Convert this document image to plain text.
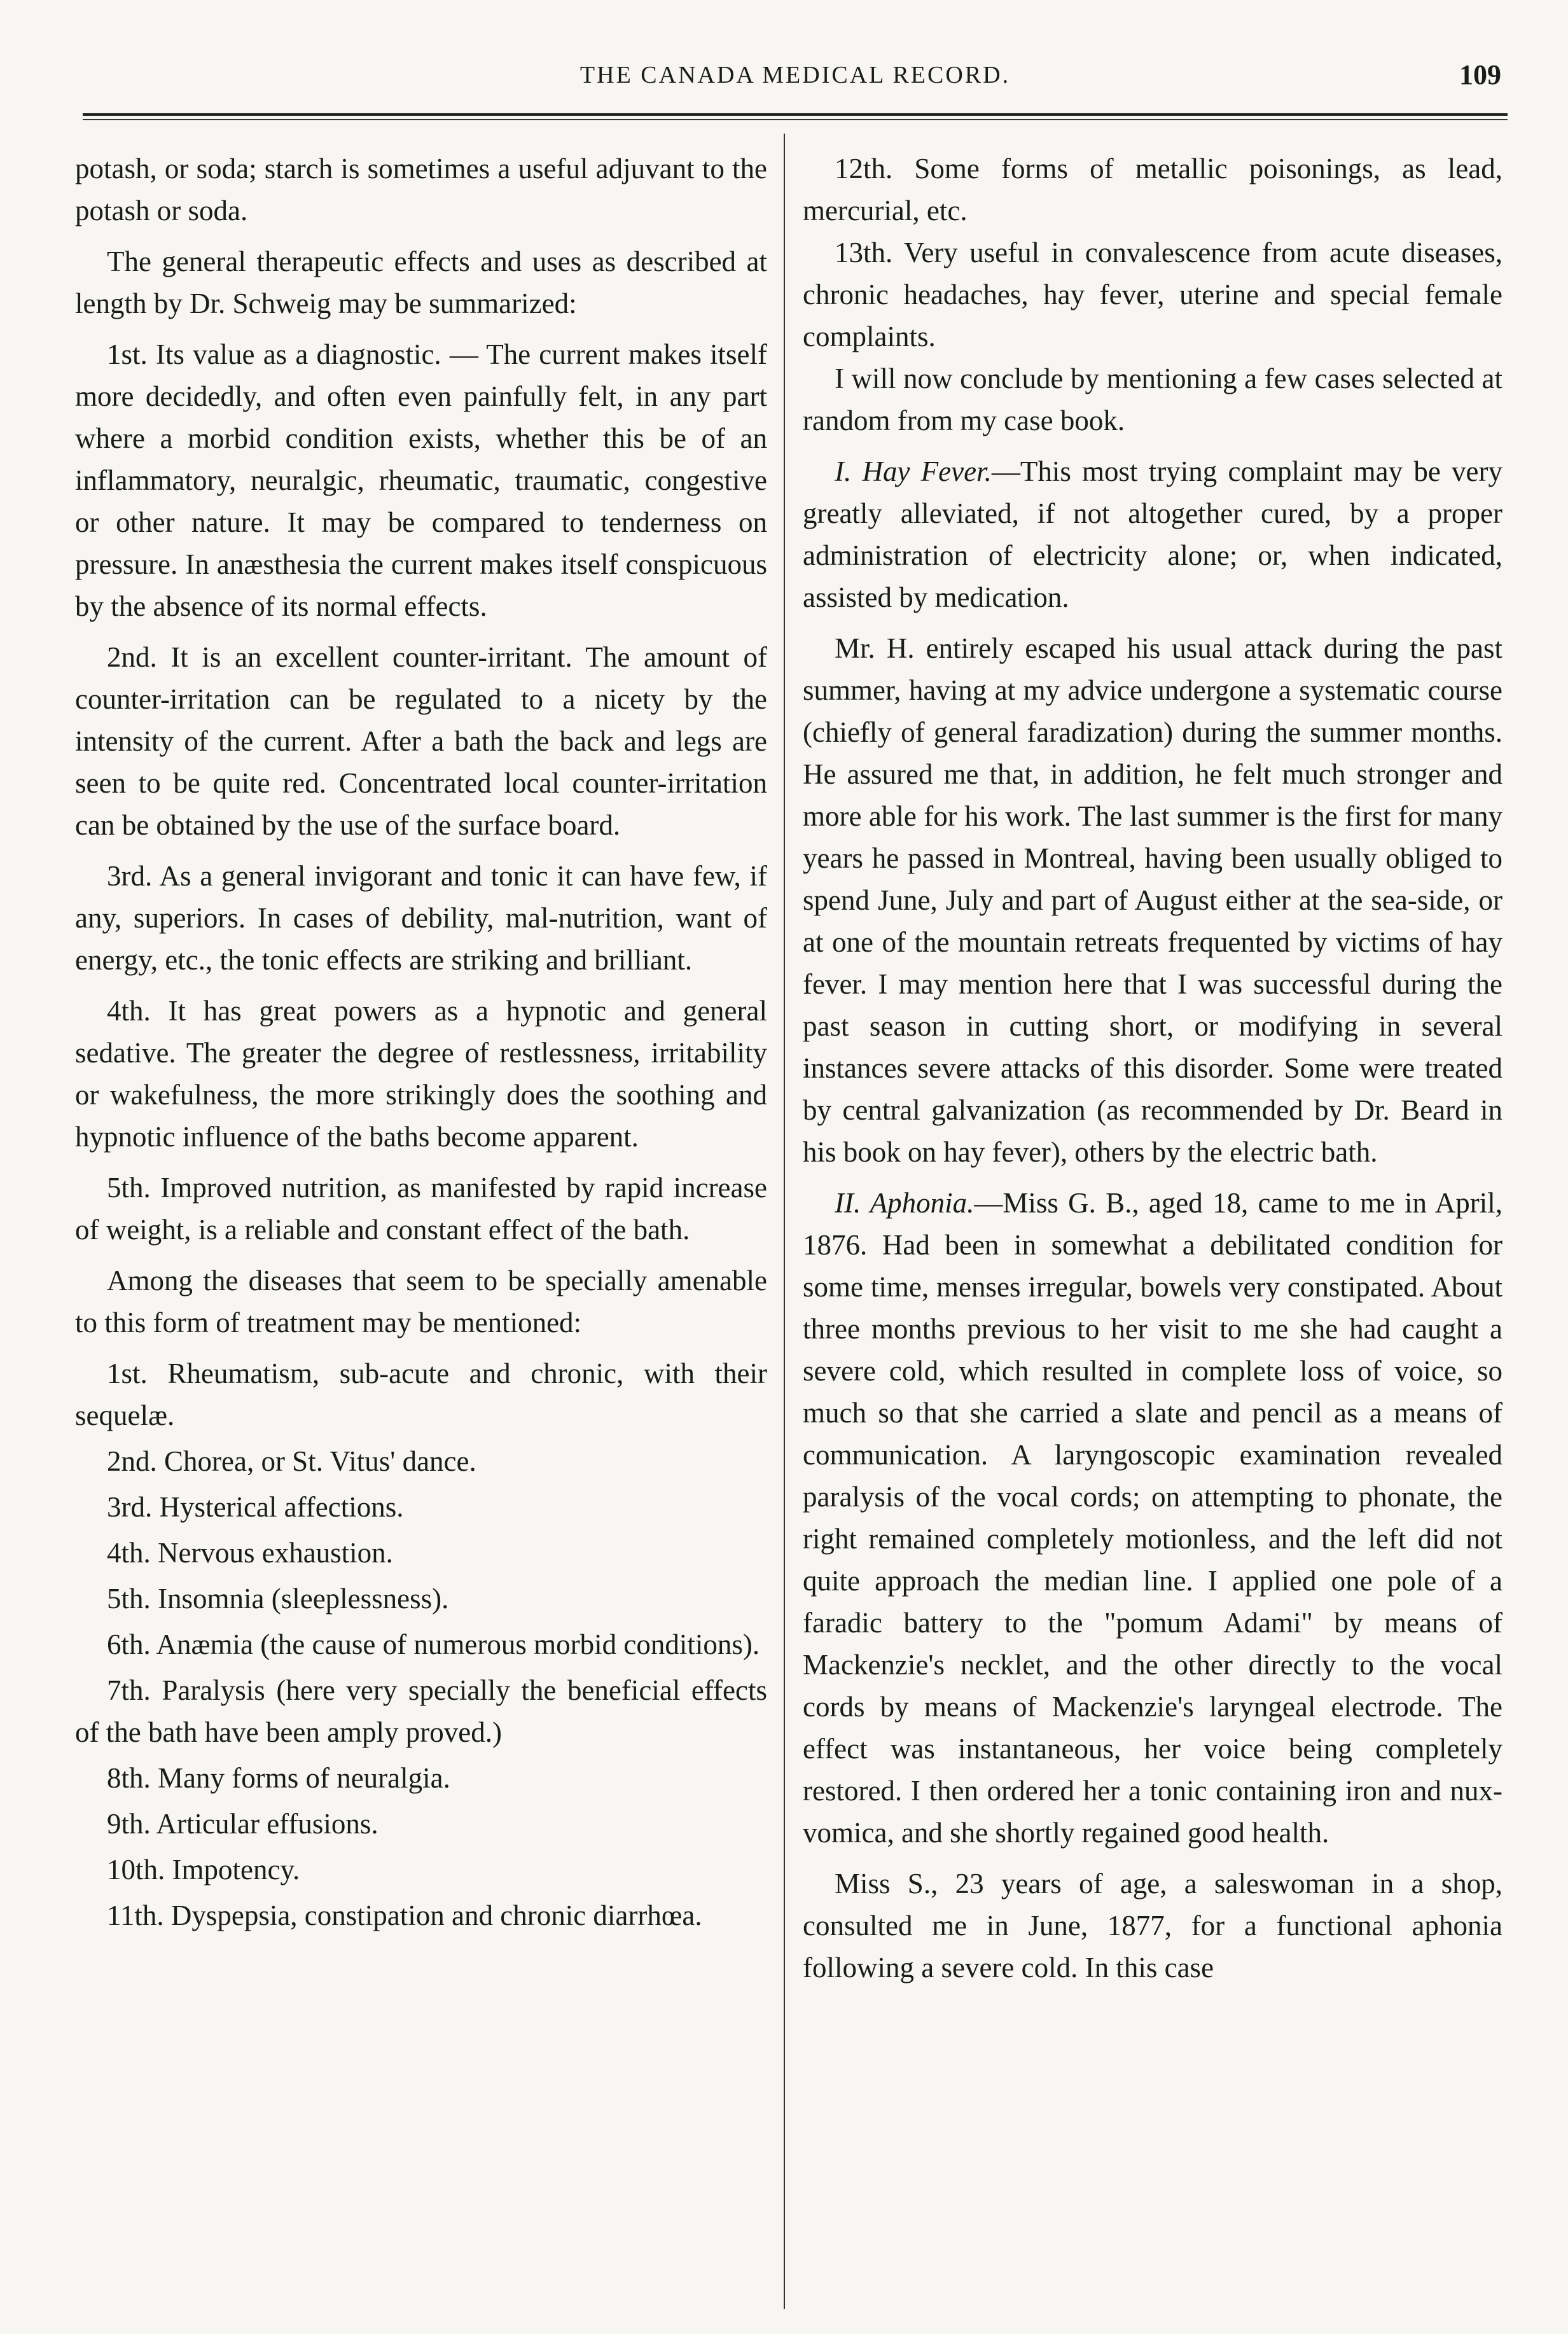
THE CANADA MEDICAL RECORD.	109

potash, or soda; starch is sometimes a useful adjuvant to the potash or soda.

The general therapeutic effects and uses as described at length by Dr. Schweig may be summarized:

1st. Its value as a diagnostic. — The current makes itself more decidedly, and often even painfully felt, in any part where a morbid condition exists, whether this be of an inflammatory, neuralgic, rheumatic, traumatic, congestive or other nature. It may be compared to tenderness on pressure. In anæsthesia the current makes itself conspicuous by the absence of its normal effects.

2nd. It is an excellent counter-irritant. The amount of counter-irritation can be regulated to a nicety by the intensity of the current. After a bath the back and legs are seen to be quite red. Concentrated local counter-irritation can be obtained by the use of the surface board.

3rd. As a general invigorant and tonic it can have few, if any, superiors. In cases of debility, mal-nutrition, want of energy, etc., the tonic effects are striking and brilliant.

4th. It has great powers as a hypnotic and general sedative. The greater the degree of restlessness, irritability or wakefulness, the more strikingly does the soothing and hypnotic influence of the baths become apparent.

5th. Improved nutrition, as manifested by rapid increase of weight, is a reliable and constant effect of the bath.

Among the diseases that seem to be specially amenable to this form of treatment may be mentioned:

1st. Rheumatism, sub-acute and chronic, with their sequelæ.

2nd. Chorea, or St. Vitus' dance.

3rd. Hysterical affections.

4th. Nervous exhaustion.

5th. Insomnia (sleeplessness).

6th. Anæmia (the cause of numerous morbid conditions).

7th. Paralysis (here very specially the beneficial effects of the bath have been amply proved.)

8th. Many forms of neuralgia.

9th. Articular effusions.

10th. Impotency.

11th. Dyspepsia, constipation and chronic diarrhœa.

12th. Some forms of metallic poisonings, as lead, mercurial, etc.

13th. Very useful in convalescence from acute diseases, chronic headaches, hay fever, uterine and special female complaints.

I will now conclude by mentioning a few cases selected at random from my case book.

I. Hay Fever.—This most trying complaint may be very greatly alleviated, if not altogether cured, by a proper administration of electricity alone; or, when indicated, assisted by medication.

Mr. H. entirely escaped his usual attack during the past summer, having at my advice undergone a systematic course (chiefly of general faradization) during the summer months. He assured me that, in addition, he felt much stronger and more able for his work. The last summer is the first for many years he passed in Montreal, having been usually obliged to spend June, July and part of August either at the sea-side, or at one of the mountain retreats frequented by victims of hay fever. I may mention here that I was successful during the past season in cutting short, or modifying in several instances severe attacks of this disorder. Some were treated by central galvanization (as recommended by Dr. Beard in his book on hay fever), others by the electric bath.

II. Aphonia.—Miss G. B., aged 18, came to me in April, 1876. Had been in somewhat a debilitated condition for some time, menses irregular, bowels very constipated. About three months previous to her visit to me she had caught a severe cold, which resulted in complete loss of voice, so much so that she carried a slate and pencil as a means of communication. A laryngoscopic examination revealed paralysis of the vocal cords; on attempting to phonate, the right remained completely motionless, and the left did not quite approach the median line. I applied one pole of a faradic battery to the "pomum Adami" by means of Mackenzie's necklet, and the other directly to the vocal cords by means of Mackenzie's laryngeal electrode. The effect was instantaneous, her voice being completely restored. I then ordered her a tonic containing iron and nux-vomica, and she shortly regained good health.

Miss S., 23 years of age, a saleswoman in a shop, consulted me in June, 1877, for a functional aphonia following a severe cold. In this case
